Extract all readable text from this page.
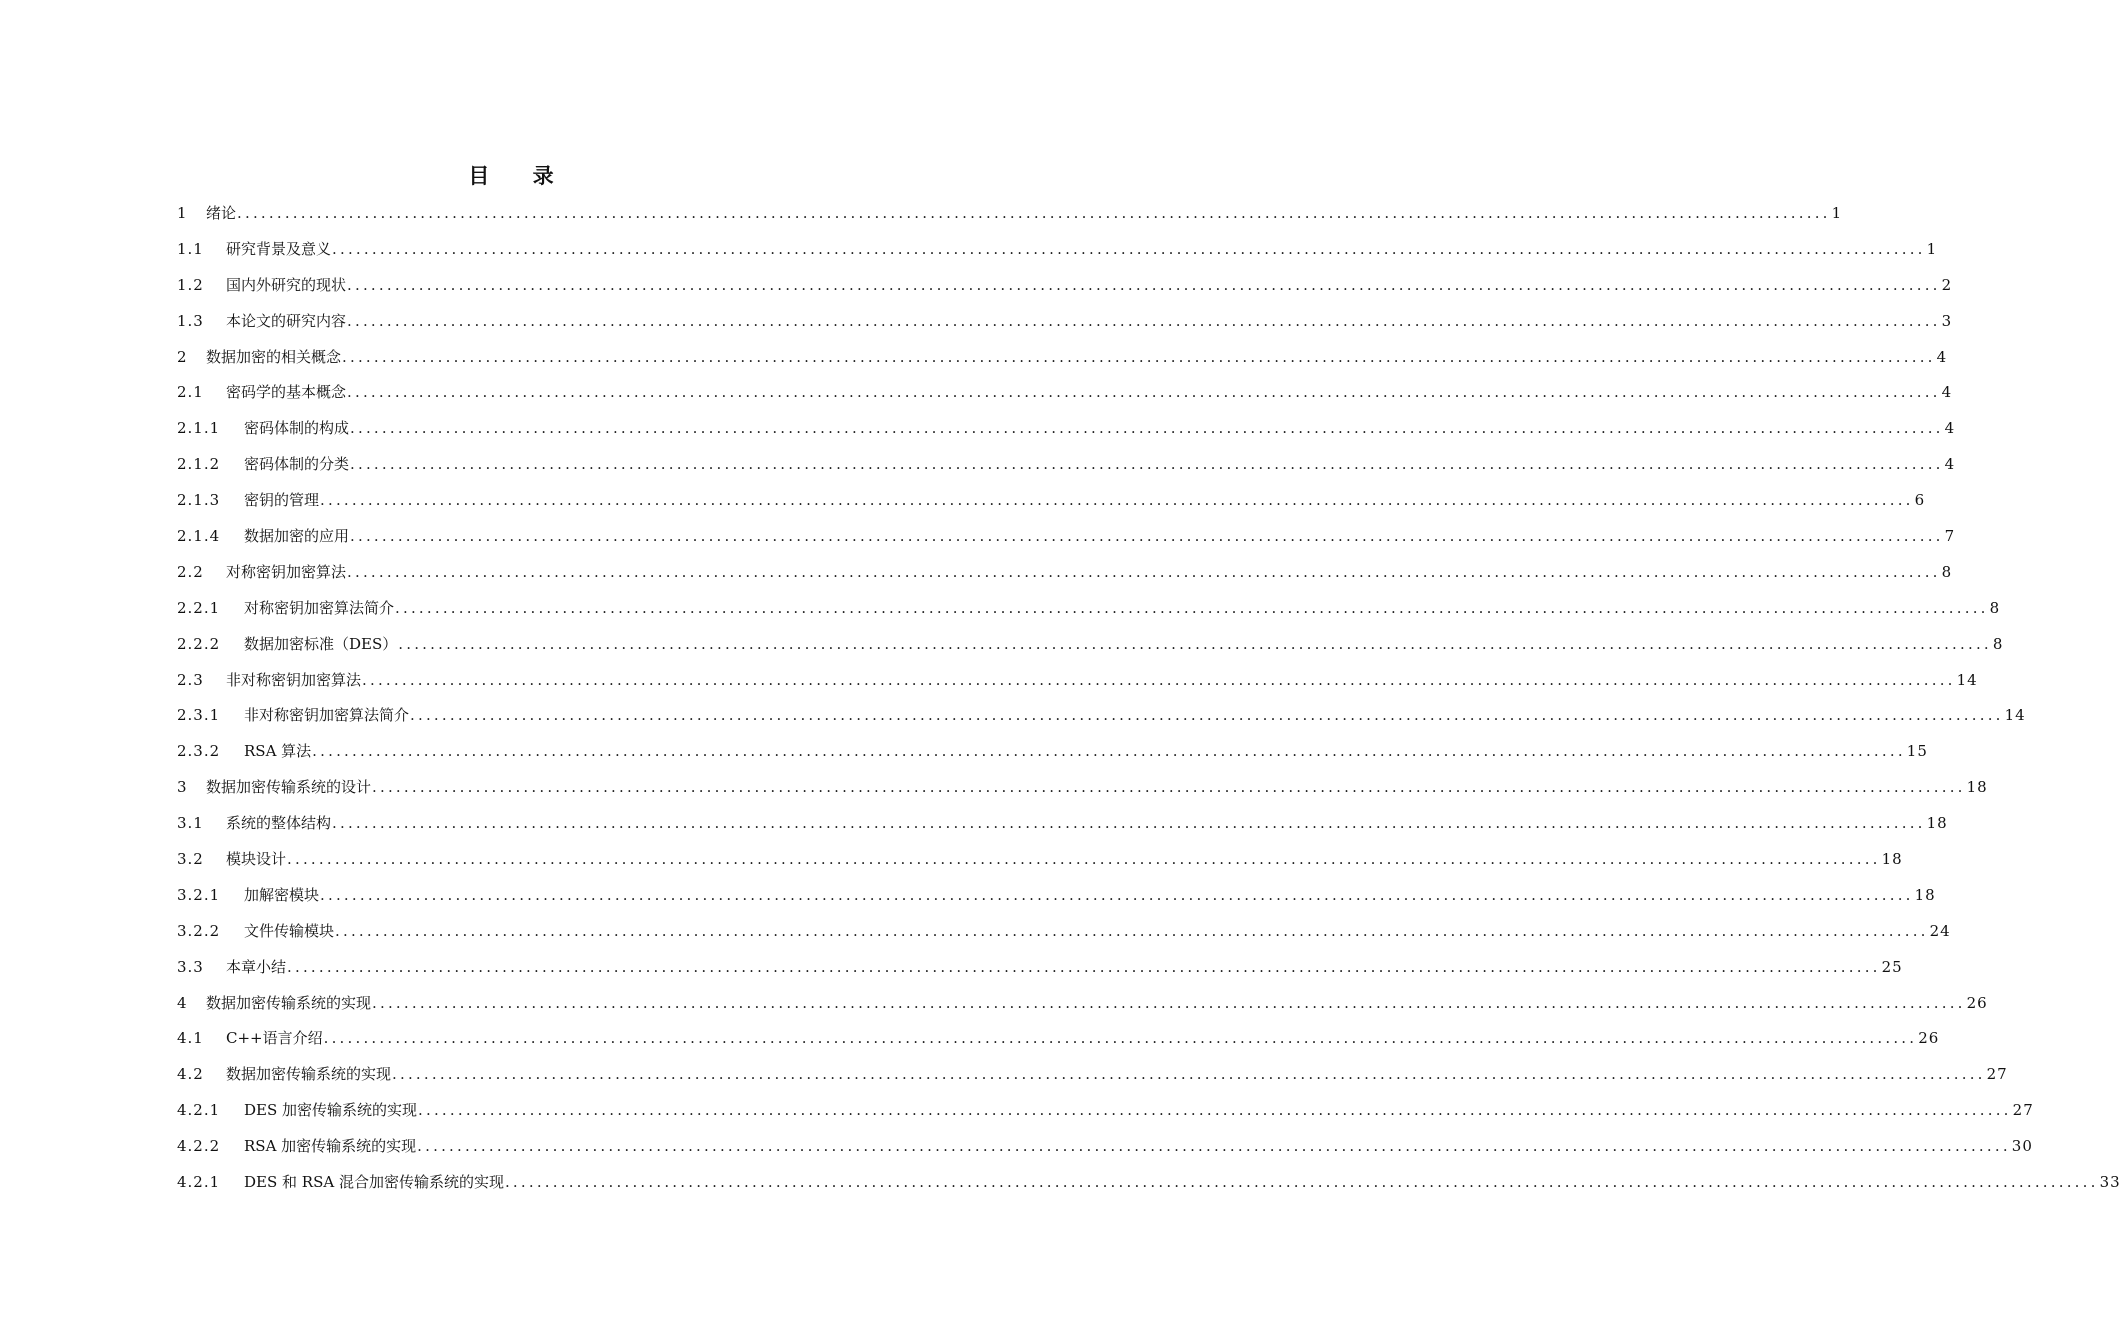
目 录
1	绪论 ........................................................................................................................................................................................................ 1
1.1	研究背景及意义 ........................................................................................................................................................................................................ 1
1.2	国内外研究的现状 ........................................................................................................................................................................................................ 2
1.3	本论文的研究内容 ........................................................................................................................................................................................................ 3
2	数据加密的相关概念 ........................................................................................................................................................................................................ 4
2.1	密码学的基本概念 ........................................................................................................................................................................................................ 4
2.1.1	密码体制的构成 ........................................................................................................................................................................................................ 4
2.1.2	密码体制的分类 ........................................................................................................................................................................................................ 4
2.1.3	密钥的管理 ........................................................................................................................................................................................................ 6
2.1.4	数据加密的应用 ........................................................................................................................................................................................................ 7
2.2	对称密钥加密算法 ........................................................................................................................................................................................................ 8
2.2.1	对称密钥加密算法简介 ........................................................................................................................................................................................................ 8
2.2.2	数据加密标准（DES） ........................................................................................................................................................................................................ 8
2.3	非对称密钥加密算法 ........................................................................................................................................................................................................ 14
2.3.1	非对称密钥加密算法简介 ........................................................................................................................................................................................................ 14
2.3.2	RSA 算法 ........................................................................................................................................................................................................ 15
3	数据加密传输系统的设计 ........................................................................................................................................................................................................ 18
3.1	系统的整体结构 ........................................................................................................................................................................................................ 18
3.2	模块设计 ........................................................................................................................................................................................................ 18
3.2.1	加解密模块 ........................................................................................................................................................................................................ 18
3.2.2	文件传输模块 ........................................................................................................................................................................................................ 24
3.3	本章小结 ........................................................................................................................................................................................................ 25
4	数据加密传输系统的实现 ........................................................................................................................................................................................................ 26
4.1	C++语言介绍 ........................................................................................................................................................................................................ 26
4.2	数据加密传输系统的实现 ........................................................................................................................................................................................................ 27
4.2.1	DES 加密传输系统的实现 ........................................................................................................................................................................................................ 27
4.2.2	RSA 加密传输系统的实现 ........................................................................................................................................................................................................ 30
4.2.1	DES 和 RSA 混合加密传输系统的实现 ........................................................................................................................................................................................................ 33
